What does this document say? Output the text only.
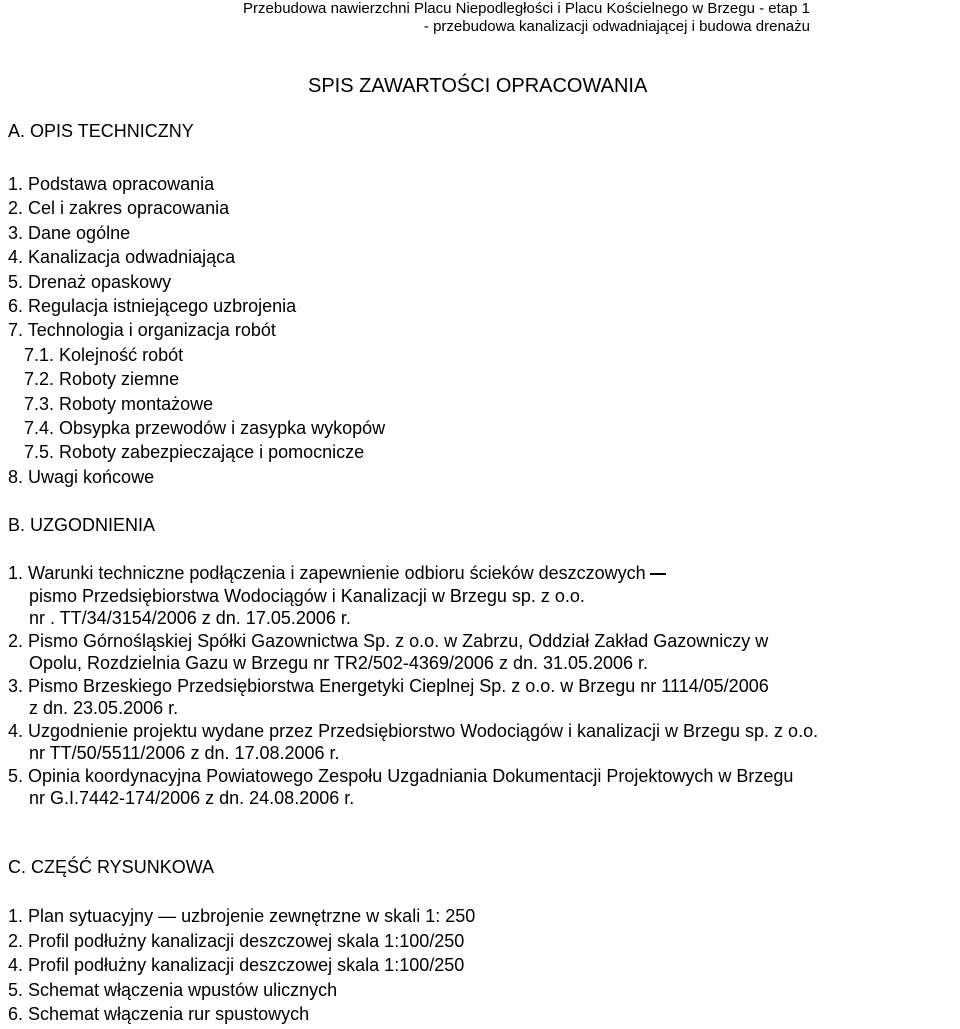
Przebudowa nawierzchni Placu Niepodległości i Placu Kościelnego w Brzegu - etap 1
- przebudowa kanalizacji odwadniającej i budowa drenażu
SPIS ZAWARTOŚCI OPRACOWANIA
A. OPIS TECHNICZNY
1. Podstawa opracowania
2. Cel i zakres opracowania
3. Dane ogólne
4. Kanalizacja odwadniająca
5. Drenaż opaskowy
6. Regulacja istniejącego uzbrojenia
7. Technologia i organizacja robót
7.1. Kolejność robót
7.2. Roboty ziemne
7.3. Roboty montażowe
7.4. Obsypka przewodów i zasypka wykopów
7.5. Roboty zabezpieczające i pomocnicze
8. Uwagi końcowe
B. UZGODNIENIA
1. Warunki techniczne podłączenia i zapewnienie odbioru ścieków deszczowych
pismo Przedsiębiorstwa Wodociągów i Kanalizacji w Brzegu sp. z o.o.
nr . TT/34/3154/2006 z dn. 17.05.2006 r.
2. Pismo Górnośląskiej Spółki Gazownictwa Sp. z o.o. w Zabrzu, Oddział Zakład Gazowniczy w
Opolu, Rozdzielnia Gazu w Brzegu nr TR2/502-4369/2006 z dn. 31.05.2006 r.
3. Pismo Brzeskiego Przedsiębiorstwa Energetyki Cieplnej Sp. z o.o. w Brzegu nr 1114/05/2006
z dn. 23.05.2006 r.
4. Uzgodnienie projektu wydane przez Przedsiębiorstwo Wodociągów i kanalizacji w Brzegu sp. z o.o.
nr TT/50/5511/2006 z dn. 17.08.2006 r.
5. Opinia koordynacyjna Powiatowego Zespołu Uzgadniania Dokumentacji Projektowych w Brzegu
nr G.I.7442-174/2006 z dn. 24.08.2006 r.
C. CZĘŚĆ RYSUNKOWA
1. Plan sytuacyjny — uzbrojenie zewnętrzne w skali 1: 250
2. Profil podłużny kanalizacji deszczowej skala 1:100/250
4. Profil podłużny kanalizacji deszczowej skala 1:100/250
5. Schemat włączenia wpustów ulicznych
6. Schemat włączenia rur spustowych
